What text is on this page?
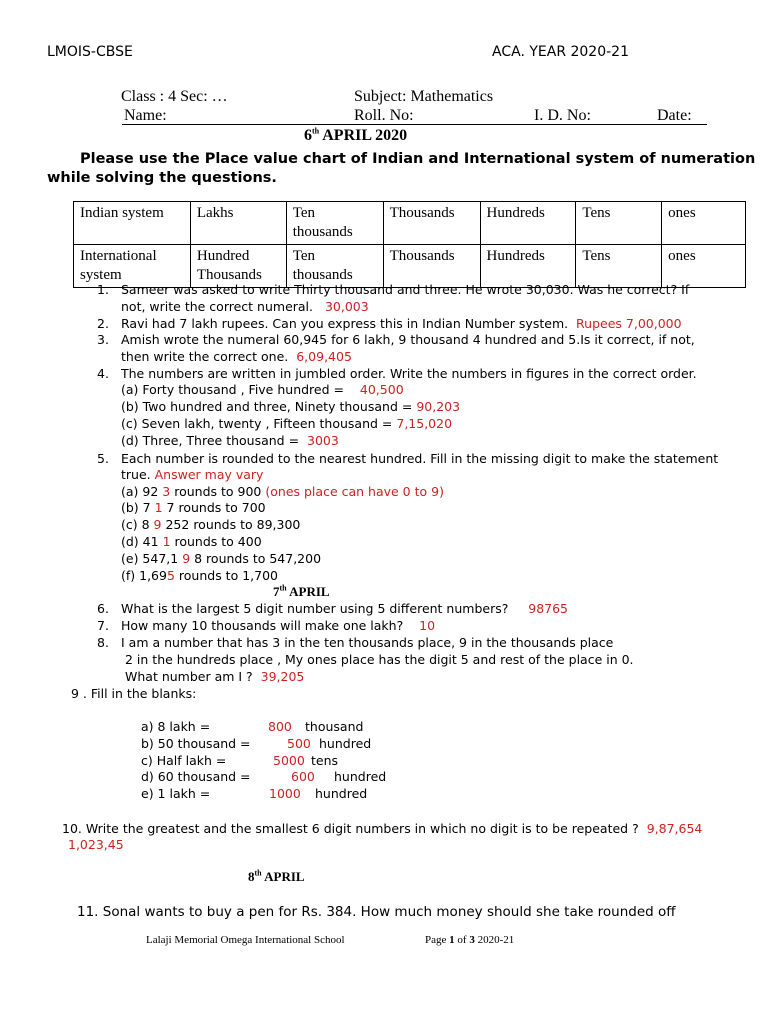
LMOIS-CBSE	ACA. YEAR 2020-21
Class : 4 Sec: …	Subject: Mathematics
Name:	Roll. No:	I. D. No:	Date:
6th APRIL 2020
Please use the Place value chart of Indian and International system of numeration
while solving the questions.
Indian system	Lakhs	Ten thousands	Thousands	Hundreds	Tens	ones
International system	Hundred Thousands	Ten thousands	Thousands	Hundreds	Tens	ones
1. Sameer was asked to write Thirty thousand and three. He wrote 30,030. Was he correct? If
not, write the correct numeral. 30,003
2. Ravi had 7 lakh rupees. Can you express this in Indian Number system. Rupees 7,00,000
3. Amish wrote the numeral 60,945 for 6 lakh, 9 thousand 4 hundred and 5.Is it correct, if not,
then write the correct one. 6,09,405
4. The numbers are written in jumbled order. Write the numbers in figures in the correct order.
(a) Forty thousand , Five hundred = 40,500
(b) Two hundred and three, Ninety thousand = 90,203
(c) Seven lakh, twenty , Fifteen thousand = 7,15,020
(d) Three, Three thousand = 3003
5. Each number is rounded to the nearest hundred. Fill in the missing digit to make the statement
true. Answer may vary
(a) 92 3 rounds to 900 (ones place can have 0 to 9)
(b) 7 1 7 rounds to 700
(c) 8 9 252 rounds to 89,300
(d) 41 1 rounds to 400
(e) 547,1 9 8 rounds to 547,200
(f) 1,695 rounds to 1,700
7th APRIL
6. What is the largest 5 digit number using 5 different numbers? 98765
7. How many 10 thousands will make one lakh? 10
8. I am a number that has 3 in the ten thousands place, 9 in the thousands place
2 in the hundreds place , My ones place has the digit 5 and rest of the place in 0.
What number am I ? 39,205
9 . Fill in the blanks:
a) 8 lakh =	800 thousand
b) 50 thousand =	500 hundred
c) Half lakh =	5000 tens
d) 60 thousand =	600 hundred
e) 1 lakh =	1000 hundred
10. Write the greatest and the smallest 6 digit numbers in which no digit is to be repeated ? 9,87,654
1,023,45
8th APRIL
11. Sonal wants to buy a pen for Rs. 384. How much money should she take rounded off
Lalaji Memorial Omega International School	Page 1 of 3 2020-21
